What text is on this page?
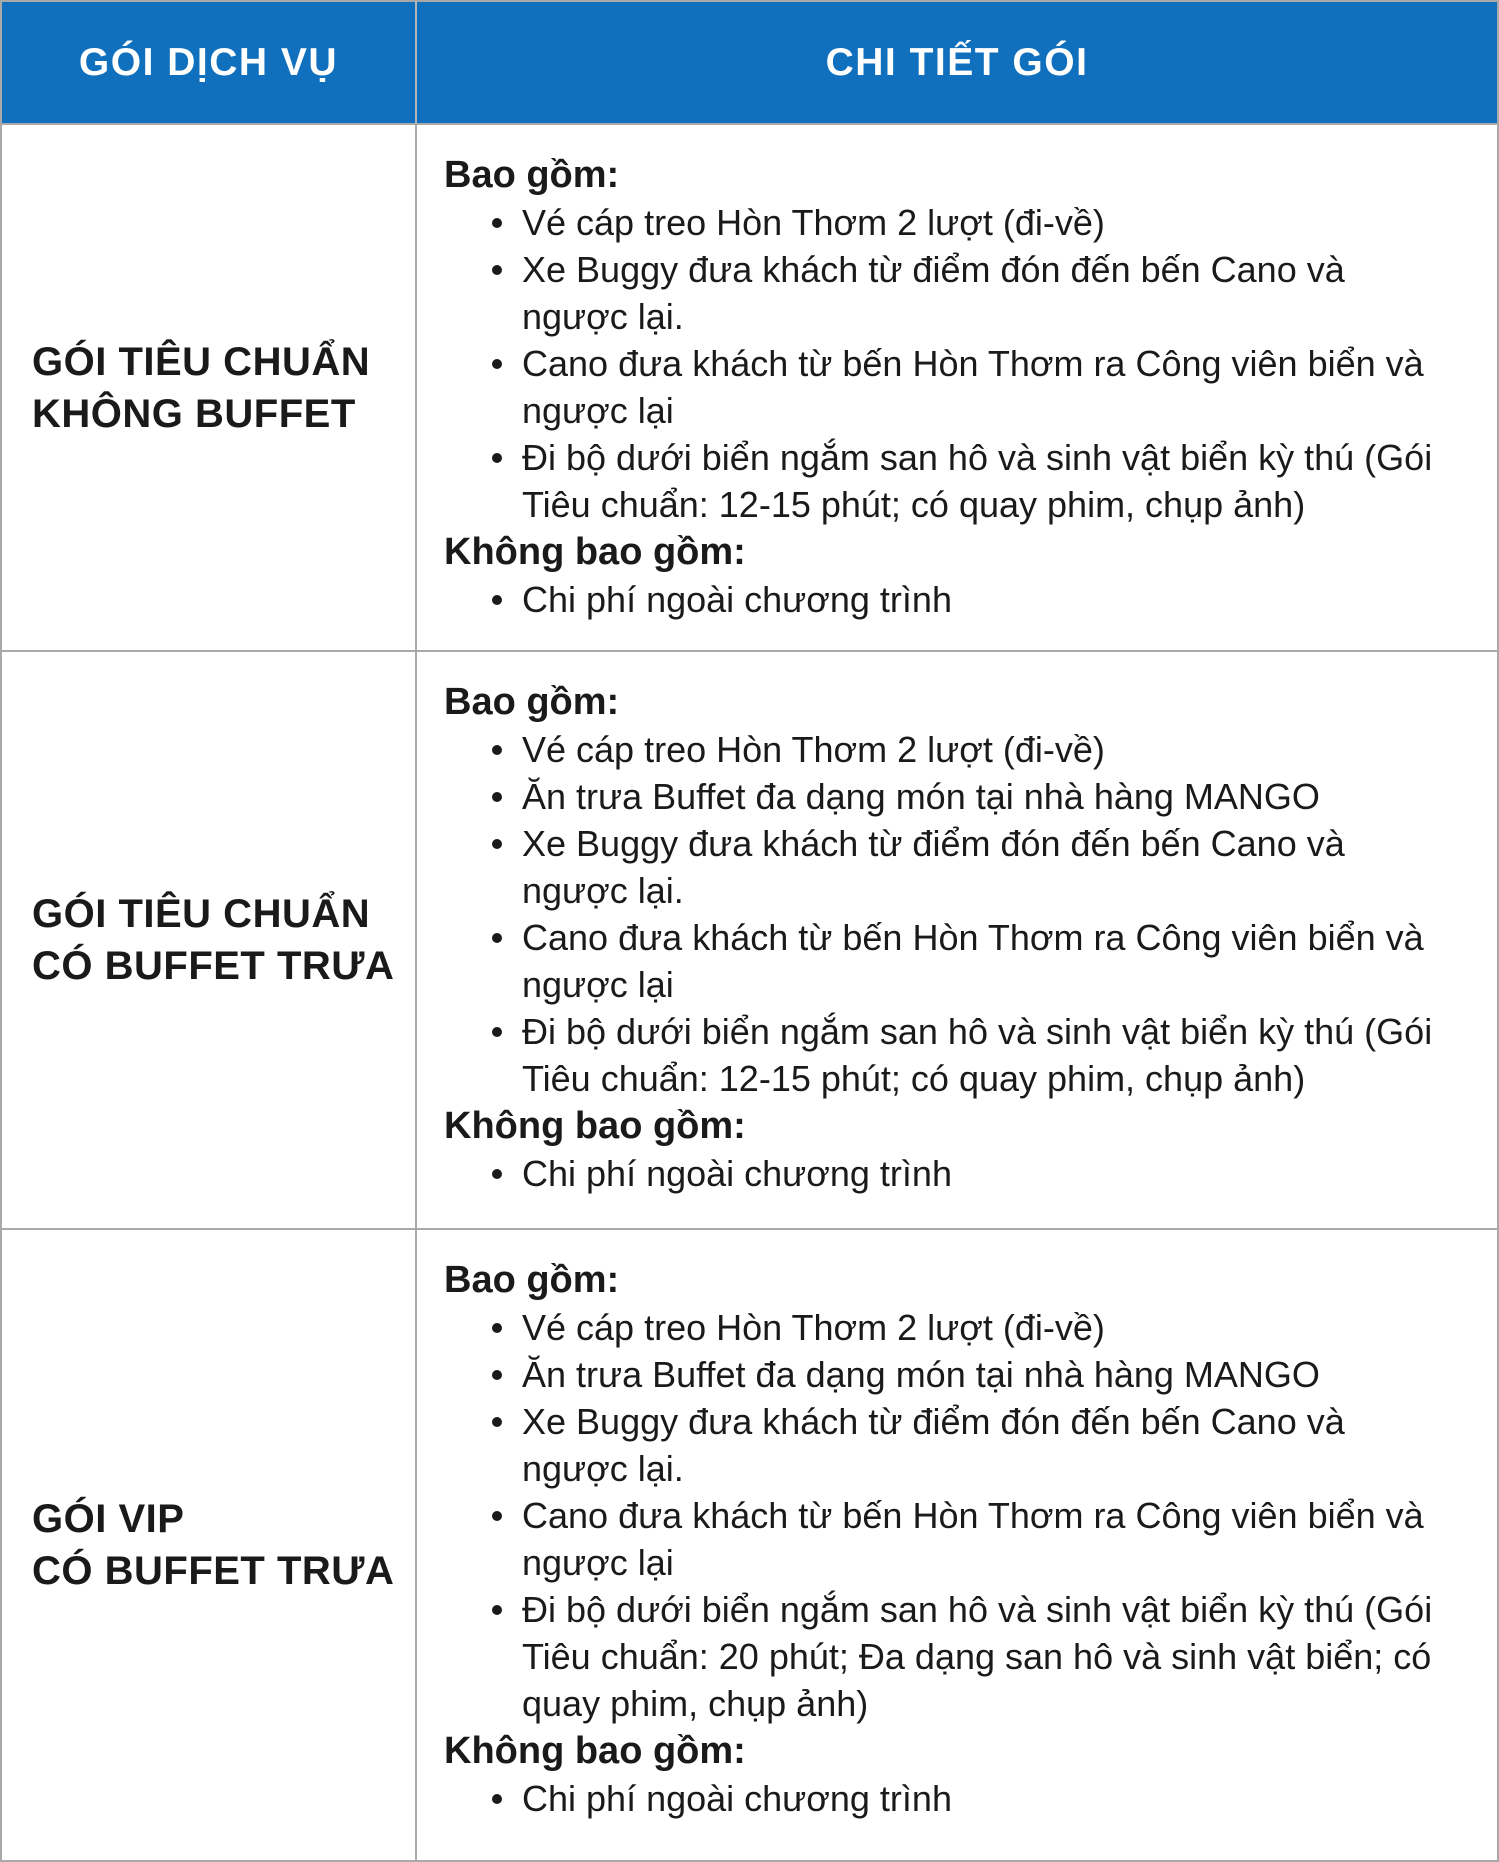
GÓI DỊCH VỤ	CHI TIẾT GÓI
GÓI TIÊU CHUẨN
KHÔNG BUFFET
Bao gồm:
Vé cáp treo Hòn Thơm 2 lượt (đi-về)
Xe Buggy đưa khách từ điểm đón đến bến Cano và ngược lại.
Cano đưa khách từ bến Hòn Thơm ra Công viên biển và ngược lại
Đi bộ dưới biển ngắm san hô và sinh vật biển kỳ thú (Gói Tiêu chuẩn: 12-15 phút; có quay phim, chụp ảnh)
Không bao gồm:
Chi phí ngoài chương trình
GÓI TIÊU CHUẨN
CÓ BUFFET TRƯA
Bao gồm:
Vé cáp treo Hòn Thơm 2 lượt (đi-về)
Ăn trưa Buffet đa dạng món tại nhà hàng MANGO
Xe Buggy đưa khách từ điểm đón đến bến Cano và ngược lại.
Cano đưa khách từ bến Hòn Thơm ra Công viên biển và ngược lại
Đi bộ dưới biển ngắm san hô và sinh vật biển kỳ thú (Gói Tiêu chuẩn: 12-15 phút; có quay phim, chụp ảnh)
Không bao gồm:
Chi phí ngoài chương trình
GÓI VIP
CÓ BUFFET TRƯA
Bao gồm:
Vé cáp treo Hòn Thơm 2 lượt (đi-về)
Ăn trưa Buffet đa dạng món tại nhà hàng MANGO
Xe Buggy đưa khách từ điểm đón đến bến Cano và ngược lại.
Cano đưa khách từ bến Hòn Thơm ra Công viên biển và ngược lại
Đi bộ dưới biển ngắm san hô và sinh vật biển kỳ thú (Gói Tiêu chuẩn: 20 phút; Đa dạng san hô và sinh vật biển; có quay phim, chụp ảnh)
Không bao gồm:
Chi phí ngoài chương trình
